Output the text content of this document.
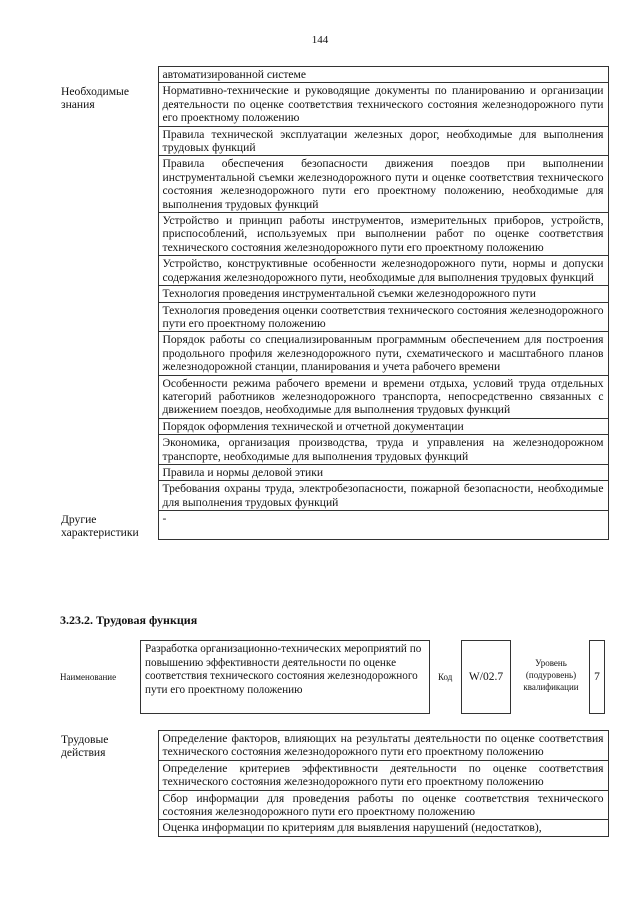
144
	автоматизированной системе
Необходимые знания	Нормативно-технические и руководящие документы по планированию и организации деятельности по оценке соответствия технического состояния железнодорожного пути его проектному положению
	Правила технической эксплуатации железных дорог, необходимые для выполнения трудовых функций
	Правила обеспечения безопасности движения поездов при выполнении инструментальной съемки железнодорожного пути и оценке соответствия технического состояния железнодорожного пути его проектному положению, необходимые для выполнения трудовых функций
	Устройство и принцип работы инструментов, измерительных приборов, устройств, приспособлений, используемых при выполнении работ по оценке соответствия технического состояния железнодорожного пути его проектному положению
	Устройство, конструктивные особенности железнодорожного пути, нормы и допуски содержания железнодорожного пути, необходимые для выполнения трудовых функций
	Технология проведения инструментальной съемки железнодорожного пути
	Технология проведения оценки соответствия технического состояния железнодорожного пути его проектному положению
	Порядок работы со специализированным программным обеспечением для построения продольного профиля железнодорожного пути, схематического и масштабного планов железнодорожной станции, планирования и учета рабочего времени
	Особенности режима рабочего времени и времени отдыха, условий труда отдельных категорий работников железнодорожного транспорта, непосредственно связанных с движением поездов, необходимые для выполнения трудовых функций
	Порядок оформления технической и отчетной документации
	Экономика, организация производства, труда и управления на железнодорожном транспорте, необходимые для выполнения трудовых функций
	Правила и нормы деловой этики
	Требования охраны труда, электробезопасности, пожарной безопасности, необходимые для выполнения трудовых функций
Другие характеристики	-
3.23.2. Трудовая функция
Наименование
Разработка организационно-технических мероприятий по повышению эффективности деятельности по оценке соответствия технического состояния железнодорожного пути его проектному положению
Код	W/02.7
Уровень (подуровень) квалификации
7
Трудовые действия	Определение факторов, влияющих на результаты деятельности по оценке соответствия технического состояния железнодорожного пути его проектному положению
Определение критериев эффективности деятельности по оценке соответствия технического состояния железнодорожного пути его проектному положению
Сбор информации для проведения работы по оценке соответствия технического состояния железнодорожного пути его проектному положению
Оценка информации по критериям для выявления нарушений (недостатков),
